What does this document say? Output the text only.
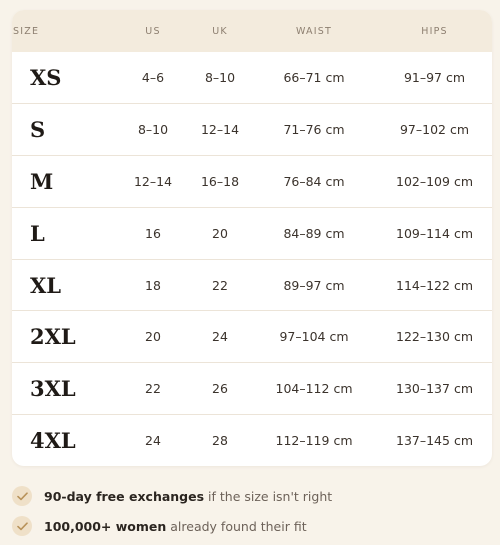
SIZE	US	UK	WAIST	HIPS
XS	4–6	8–10	66–71 cm	91–97 cm
S	8–10	12–14	71–76 cm	97–102 cm
M	12–14	16–18	76–84 cm	102–109 cm
L	16	20	84–89 cm	109–114 cm
XL	18	22	89–97 cm	114–122 cm
2XL	20	24	97–104 cm	122–130 cm
3XL	22	26	104–112 cm	130–137 cm
4XL	24	28	112–119 cm	137–145 cm
90-day free exchanges if the size isn't right
100,000+ women already found their fit
